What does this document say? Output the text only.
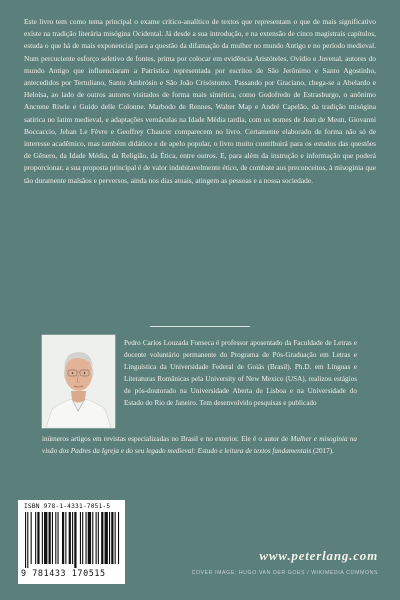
Este livro tem como tema principal o exame crítico-analítico de textos que representam o que de mais significativo existe na tradição literária misógina Ocidental. Já desde a sua introdução, e na extensão de cinco magistrais capítulos, estuda o que há de mais exponencial para a questão da difamação da mulher no mundo Antigo e no período medieval. Num percuciente esforço seletivo de fontes, prima por colocar em evidência Aristóteles, Ovídio e Juvenal, autores do mundo Antigo que influenciaram a Patrística representada por escritos de São Jerônimo e Santo Agostinho, antecedidos por Tertuliano, Santo Ambrósio e São João Crisóstomo. Passando por Graciano, chega-se a Abelardo e Heloísa, ao lado de outros autores visitados de forma mais sintética, como Godofredo de Estrasburgo, o anônimo Ancrene Riwle e Guido delle Colonne. Marbodo de Rennes, Walter Map e André Capelão, da tradição misógina satírica no latim medieval, e adaptações vernáculas na Idade Média tardia, com os nomes de Jean de Meun, Giovanni Boccaccio, Jehan Le Fèvre e Geoffrey Chaucer comparecem no livro. Certamente elaborado de forma não só de interesse acadêmico, mas também didático e de apelo popular, o livro muito contribuirá para os estudos das questões de Gênero, da Idade Média, da Religião, da Ética, entre outros. E, para além da instrução e informação que poderá proporcionar, a sua proposta principal é de valor indubitavelmente ético, de combate aos preconceitos, à misoginia que tão duramente malsãos e perversos, ainda nos dias atuais, atingem as pessoas e a nossa sociedade.

Pedro Carlos Louzada Fonseca é professor aposentado da Faculdade de Letras e docente voluntário permanente do Programa de Pós-Graduação em Letras e Linguística da Universidade Federal de Goiás (Brasil). Ph.D. em Línguas e Literaturas Românicas pela University of New Mexico (USA), realizou estágios de pós-doutorado na Universidade Aberta de Lisboa e na Universidade do Estado do Rio de Janeiro. Tem desenvolvido pesquisas e publicado
inúmeros artigos em revistas especializadas no Brasil e no exterior. Ele é o autor de Mulher e misoginia na visão dos Padres da Igreja e do seu legado medieval: Estudo e leitura de textos fundamentais (2017).
ISBN 978-1-4331-7051-5
9 781433 170515
www.peterlang.com
COVER IMAGE: HUGO VAN DER GOES / WIKIMEDIA COMMONS
